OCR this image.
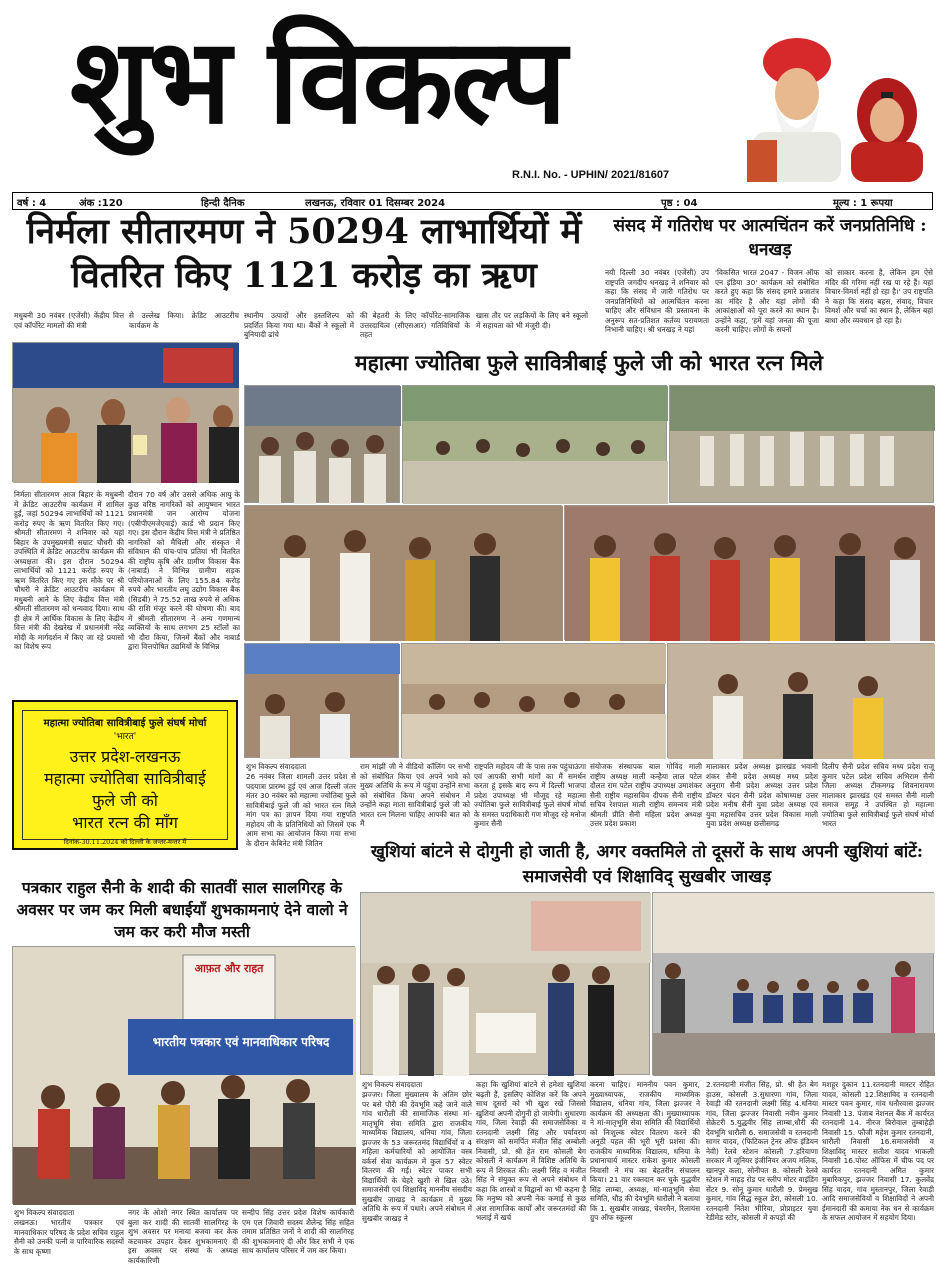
शुभ विकल्प
R.N.I. No. - UPHIN/ 2021/81607
वर्ष : 4	अंक :120	हिन्दी दैनिक	लखनऊ, रविवार 01 दिसम्बर 2024	पृष्ठ : 04	मूल्य : 1 रूपया
निर्मला सीतारमण ने 50294 लाभार्थियों में वितरित किए 1121 करोड़ का ऋण
मधुबनी 30 नवंबर (एजेंसी) केंद्रीय वित्त एवं कॉर्पोरेट मामलों की मंत्री
से उल्लेख किया। क्रेडिट आउटरीच कार्यक्रम के
स्थानीय उत्पादों और हस्तशिल्प को प्रदर्शित किया गया था। बैंकों ने स्कूलों में बुनियादी ढांचे
की बेहतरी के लिए कॉर्पोरेट-सामाजिक उत्तरदायित्व (सीएसआर) गतिविधियों के तहत
खास तौर पर लड़कियों के लिए बने स्कूलों में सहायता को भी मंजूरी दी।
निर्मला सीतारमण आज बिहार के मधुबनी में क्रेडिट आउटरीच कार्यक्रम में शामिल हुईं, जहां 50294 लाभार्थियों को 1121 करोड़ रुपए के ऋण वितरित किए गए। श्रीमती सीतारमण ने शनिवार को यहां बिहार के उपमुख्यमंत्री सम्राट चौधरी की उपस्थिति में क्रेडिट आउटरीच कार्यक्रम की अध्यक्षता की। इस दौरान 50294 लाभार्थियों को 1121 करोड़ रुपए के ऋण वितरित किए गए इस मौके पर श्री चौधरी ने क्रेडिट आउटरीच कार्यक्रम में मधुबनी आने के लिए केंद्रीय वित्त मंत्री श्रीमती सीतारमण को धन्यवाद दिया। साथ ही क्षेत्र में आर्थिक विकास के लिए केंद्रीय वित्त मंत्री की देखरेख में प्रधानमंत्री नरेंद्र मोदी के मार्गदर्शन में किए जा रहे प्रयासों का विशेष रूप
दौरान 70 वर्ष और उससे अधिक आयु के कुछ वरिष्ठ नागरिकों को आयुष्मान भारत प्रधानमंत्री जन आरोग्य योजना (एबीपीएमजेएवाई) कार्ड भी प्रदान किए गए। इस दौरान केंद्रीय वित्त मंत्री ने प्रतिष्ठित नागरिकों को मैथिली और संस्कृत में संविधान की पांच-पांच प्रतियां भी वितरित की राष्ट्रीय कृषि और ग्रामीण विकास बैंक (नाबार्ड) ने विभिन्न ग्रामीण सड़क परियोजनाओं के लिए 155.84 करोड़ रुपये और भारतीय लघु उद्योग विकास बैंक (सिडबी) ने 75.52 लाख रुपये से अधिक की राशि मंजूर करने की घोषणा की। बाद में श्रीमती सीतारमण ने अन्य गणमान्य व्यक्तियों के साथ लगभग 25 स्टॉलों का भी दौरा किया, जिनमें बैंकों और नाबार्ड द्वारा वित्तपोषित उद्यमियों के विभिन्न
संसद में गतिरोध पर आत्मचिंतन करें जनप्रतिनिधि : धनखड़
नयी दिल्ली 30 नवंबर (एजेंसी) उप राष्ट्रपति जगदीप धनखड़ ने शनिवार को कहा कि संसद में जारी गतिरोध पर जनप्रतिनिधियों को आत्मचिंतन करना चाहिए और संविधान की प्रस्तावना के अनुरूप सत-प्रतिशत कर्तव्य परायणता निभानी चाहिए। श्री धनखड़ ने यहां
'विकसित भारत 2047 - विजन ऑफ एन इंडिया 30' कार्यक्रम को संबोधित करते हुए कहा कि संसद हमारे प्रजातंत्र का मंदिर है और यहां लोगों की आकांक्षाओं को पूरा करने का स्थान है। उन्होंने कहा, 'हमें यहां जनता की पूजा करनी चाहिए। लोगों के सपनों
को साकार करना है, लेकिन हम ऐसे मंदिर की गरिमा नहीं रख पा रहे हैं। यहां विचार-विमर्श नहीं हो रहा है।' उप राष्ट्रपति ने कहा कि संसद बहस, संवाद, विचार विमर्श और चर्चा का स्थान है, लेकिन बहां बाधा और व्यवधान हो रहा है।
महात्मा ज्योतिबा फुले सावित्रीबाई फुले जी को भारत रत्न मिले
शुभ विकल्प संवाददाता
26 नवंबर जिला शामली उत्तर प्रदेश से पदयात्रा प्रारम्भ हुई एवं आज दिल्ली जंतर मंतर 30 नवंबर को महात्मा ज्योतिबा फुले सावित्रीबाई फुले जी को भारत रत्न मिले मांग पत्र का ज्ञापन दिया गया राष्ट्रपति महोदय जी के प्रतिनिधियों को जिसमें एक आम सभा का आयोजन किया गया सभा के दौरान केबिनेट मंत्री जितिन
राम मांझी जी ने वीडियो कॉलिंग पर सभी को संबोधित किया एवं अपने भावे को मुख्य अतिथि के रूप में पहुंचा उन्होंने सभा को संबोधित किया अपने संबोधन में उन्होंने कहा माता सावित्रीबाई फुले जी को भारत रत्न मिलना चाहिए आपकी बात को मैं
राष्ट्रपति महोदय जी के पास तक पहुंचाऊंगा एवं आपकी सभी मांगों का मैं समर्थन करता हूं इसके बाद रूप में दिल्ली भाजपा प्रदेश उपाध्यक्ष भी मौजूद रहे महात्मा ज्योतिबा फुले सावित्रीबाई फुले संघर्ष मोर्चा के समस्त पदाधिकारी गण मौजूद रहे मनोज कुमार सैनी
संयोजक संस्थापक बाल गोविंद माली राष्ट्रीय अध्यक्ष माली कन्हैया लाल पटेल दौलत राम पटेल राष्ट्रीय उपाध्यक्ष उमाशंकर सैनी राष्ट्रीय महासचिव दीपक सैनी राष्ट्रीय सचिव रेशपाल माली राष्ट्रीय समन्वय मंत्री श्रीमती प्रीति सैनी महिला प्रदेश अध्यक्ष उत्तर प्रदेश प्रकाश
मालाकार प्रदेश अध्यक्ष झारखंड भवानी शंकर सैनी प्रदेश अध्यक्ष मध्य प्रदेश अनुराग सैनी प्रदेश अध्यक्ष उत्तर प्रदेश डॉक्टर चंदन सैनी प्रदेश कोषाध्यक्ष उत्तर प्रदेश मनीष सैनी युवा प्रदेश अध्यक्ष एवं युवा महासचिव उत्तर प्रदेश विकास माली युवा प्रदेश अध्यक्ष छत्तीसगढ़
दिलीप सैनी प्रदेश सचिव मध्य प्रदेश राजू कुमार पटेल प्रदेश सचिव अभिराम सैनी जिला अध्यक्ष टीकमगढ़ शिवनारायण मालाकार झारखंड एवं समस्त सैनी माली समाज समूह ने उपस्थित हो महात्मा ज्योतिबा फुले सावित्रीबाई फुले संघर्ष मोर्चा भारत
महात्मा ज्योतिबा सावित्रीबाई फुले संघर्ष मोर्चा
'भारत'
उत्तर प्रदेश-लखनऊ
महात्मा ज्योतिबा सावित्रीबाई
फुले जी को
भारत रत्न की माँग
दिनांक-30.11.2024 को दिल्ली के जन्तर-मन्तर में	खुशियां बांटने से दोगुनी हो जाती है, अगर वक्तमिले तो दूसरों के साथ अपनी खुशियां बांटें: समाजसेवी एवं शिक्षाविद् सुखबीर जाखड़
शुभ विकल्प संवाददाता
झज्जर। जिला मुख्यालय के अंतिम छोर पर बसे पौरी की देवभूमि कहे जाने वाले गांव धारौली की सामाजिक संस्था मां-मातृभूमि सेवा समिति द्वारा राजकीय माध्यमिक विद्यालय, धनिया गांव, जिला झज्जर के 53 जरूरतमंद विद्यार्थियों व 4 महिला कर्मचारियों को आयोजित वस्त्र वर्कर्स सेवा कार्यक्रम में कुल 57 स्वेटर वितरण की गई। स्वेटर पाकर सभी विद्यार्थियों के चेहरे खुशी से खिल उठे। समाजसेवी एवं शिक्षाविद् माननीय संसदीय सुखबीर जाखड़ ने कार्यक्रम में मुख्य अतिथि के रूप में पधारे। अपने संबोधन में सुखबीर जाखड़ ने
कहा कि खुशियां बांटने से हमेशा खुशियां बढ़ती हैं, इसलिए कोशिश करें कि अपने साथ दूसरों को भी खुश रखें जिससे खुशियां अपनी दोगुनी हो जायेगी। सुधारणा गांव, जिला रेवाड़ी की समाजसेविका व रतनदानी लक्ष्मी सिंह और पर्यावरण संरक्षण को समर्पित मंजीत सिंह अम्बोली निवासी, प्रो. श्री हेत राम कोसली बेग कोसली ने कार्यक्रम में विशिष्ट अतिथि के रूप में शिरकत की। लक्ष्मी सिंह व मंजीत सिंह ने संयुक्त रूप से अपने संबोधन में कहा कि शास्त्रों व विद्वानों का भी कहना है कि मनुष्य को अपनी नेक कमाई से कुछ अंश सामाजिक कार्यों और जरूरतमंदों की भलाई में खर्च
करना चाहिए। माननीय पवन कुमार, मुख्याध्यापक, राजकीय माध्यमिक विद्यालय, धनिया गांव, जिला झज्जर ने कार्यक्रम की अध्यक्षता की। मुख्याध्यापक ने मां-मातृभूमि सेवा समिति की विद्यार्थियों को निःशुल्क स्वेटर वितरण करने की अनूठी पहल की भूरी भूरी प्रशंसा की। राजकीय माध्यमिक विद्यालय, धनिया के प्रधानाचार्य मास्टर राकेश कुमार कोसली निवासी ने मंच का बेहतरीन संचालन किया। 21 वार रक्तदान कर चुके युद्धवीर सिंह लाम्बा, अध्यक्ष, मां-मातृभूमि सेवा समिति, धौड़ की देवभूमि धारौली ने बताया कि 1. सुखबीर जाखड़, चेयरमैन, रिलायंस ग्रुप ऑफ स्कूल्स
2.रतनदानी मंजीत सिंह, प्रो. श्री हेत बेग हाउस, कोसली 3.सुधारणा गांव, जिला रेवाड़ी की रतनदानी लक्ष्मी सिंह 4.धनिया गांव, जिला झज्जर निवासी नवीन कुमार सेक्रेटरी 5.युद्धवीर सिंह लाम्बा,धौरी की देवभूमि धारौली 6. समाजसेवी व रतनदानी सागर यादव, (फिटिकल ट्रेनर ऑफ इंडियन नेवी) रेलवे स्टेशन कोसली 7.हरियाणा सरकार में जूनियर इंजीनियर अजय मलिक, खानपुर कला, सोनीपत 8. कोसली रेलवे स्टेशन में नाहड़ रोड पर स्लीप मोटर वाइंडिंग सेंटर 9. सोनू कुमार धारौली 9. प्रेमसुख कुमार, गांव सिद्ध स्कूल डेरा, कोसली 10. रतनदानी नितेश भीरिया, प्रोप्राइटर युवा रेडीमेड स्टोर, कोसली में कपड़ों की
मशहूर दुकान 11.रतनदानी मास्टर रोहित यादव, कोसली 12.शिक्षाविद व रतनदानी मास्टर पवन कुमार, गांव धनौरवास झज्जर निवासी 13. पंजाब नेशनल बैंक में कार्यरत रतनदानी 14. नीरज बिरोवाल तुम्बाहेड़ी निवासी 15. फौजी महेश कुमार रतनदानी, धारौली निवासी 16.समाजसेवी व शिक्षाविद् मास्टर सतीश यादव भाकली निवासी 16.पोस्ट ऑफिस में चीफ पद पर कार्यरत रतनदानी अमित कुमार मुबारिकपुर, झज्जर निवासी 17. कुलवेंद्र सिंह यादव, गांव मुस्तानपुर, जिला रेवाड़ी आदि समाजसेवियों व शिक्षाविदों ने अपनी ईमानदारी की कमाया नेक धन से कार्यक्रम के सफल आयोजन में सहयोग दिया।
पत्रकार राहुल सैनी के शादी की सातवीं साल सालगिरह के अवसर पर जम कर मिली बधाईयाँ शुभकामनाएं देने वालो ने जम कर करी मौज मस्ती
आफ़त और राहत
भारतीय पत्रकार एवं मानवाधिकार परिषद
शुभ विकल्प संवाददाता
लखनऊ। भारतीय पत्रकार एवं मानवाधिकार परिषद के प्रदेश सचिव राहुल सैनी को उनकी पत्नी व पारिवारिक सदस्यों के साथ कृष्णा
नगर के ओशो नगर स्थित कार्यालय पर बुला कर शादी की सातवीं सालगिरह के शुभ अवसर पर मनाया बजवा कर केक कटवाकर उपहार देकर शुभकामनाएं दी इस अवसर पर संस्था के अध्यक्ष कार्यकारिणी
सन्दीप सिंह उत्तर प्रदेश विशेष कार्यकारी एम एल जिवारी सदस्य शैलेन्द्र सिंह सहित तमाम प्रतिष्ठित जनों ने शादी की सालगिरह की शुभकामनाएं दी और किर सभी ने एक साथ कार्यालय परिसर में जम कर किया।
